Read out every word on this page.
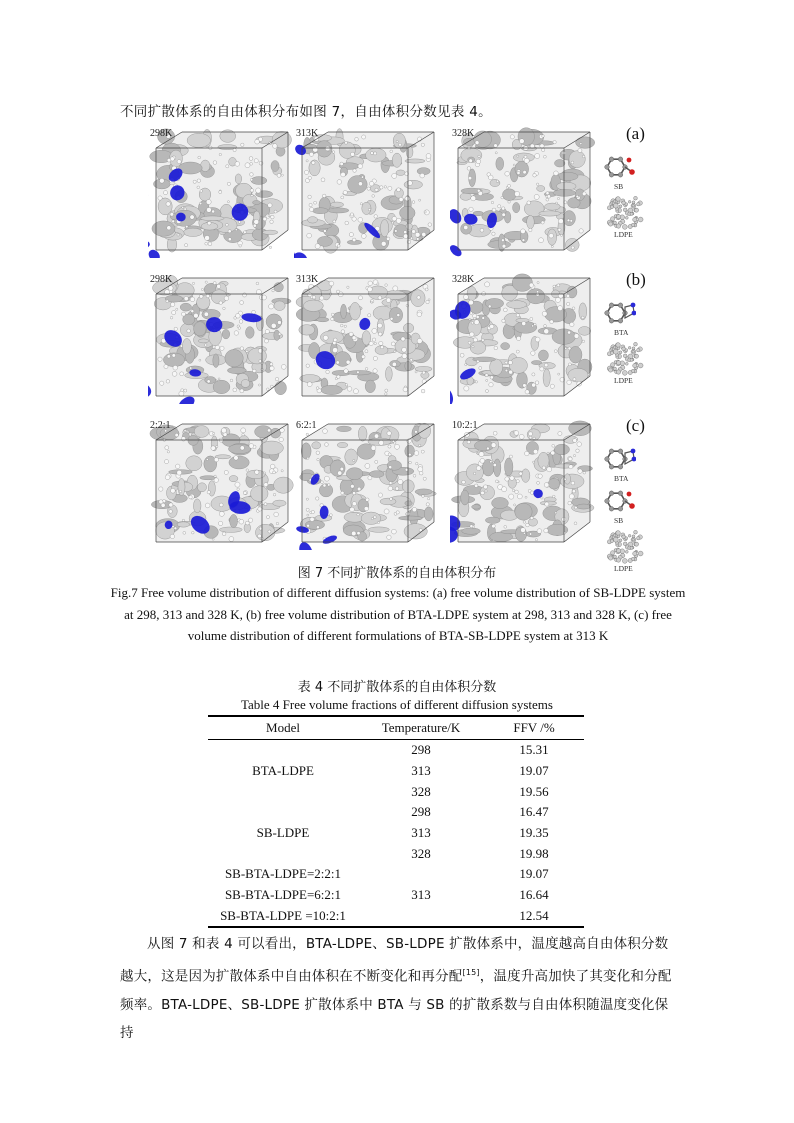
不同扩散体系的自由体积分布如图 7，自由体积分数见表 4。
298K	313K	328K	(a)
SB
LDPE
298K	313K	328K	(b)
BTA
LDPE
2:2:1	6:2:1	10:2:1	(c)
BTA
SB
LDPE
图 7 不同扩散体系的自由体积分布
Fig.7 Free volume distribution of different diffusion systems: (a) free volume distribution of SB-LDPE system at 298, 313 and 328 K, (b) free volume distribution of BTA-LDPE system at 298, 313 and 328 K, (c) free volume distribution of different formulations of BTA-SB-LDPE system at 313 K
表 4 不同扩散体系的自由体积分数
Table 4 Free volume fractions of different diffusion systems
Model	Temperature/K	FFV /%
	298	15.31
BTA-LDPE	313	19.07
	328	19.56
	298	16.47
SB-LDPE	313	19.35
	328	19.98
SB-BTA-LDPE=2:2:1		19.07
SB-BTA-LDPE=6:2:1	313	16.64
SB-BTA-LDPE =10:2:1		12.54

从图 7 和表 4 可以看出，BTA-LDPE、SB-LDPE 扩散体系中，温度越高自由体积分数越大，这是因为扩散体系中自由体积在不断变化和再分配[15]，温度升高加快了其变化和分配频率。BTA-LDPE、SB-LDPE 扩散体系中 BTA 与 SB 的扩散系数与自由体积随温度变化保持
